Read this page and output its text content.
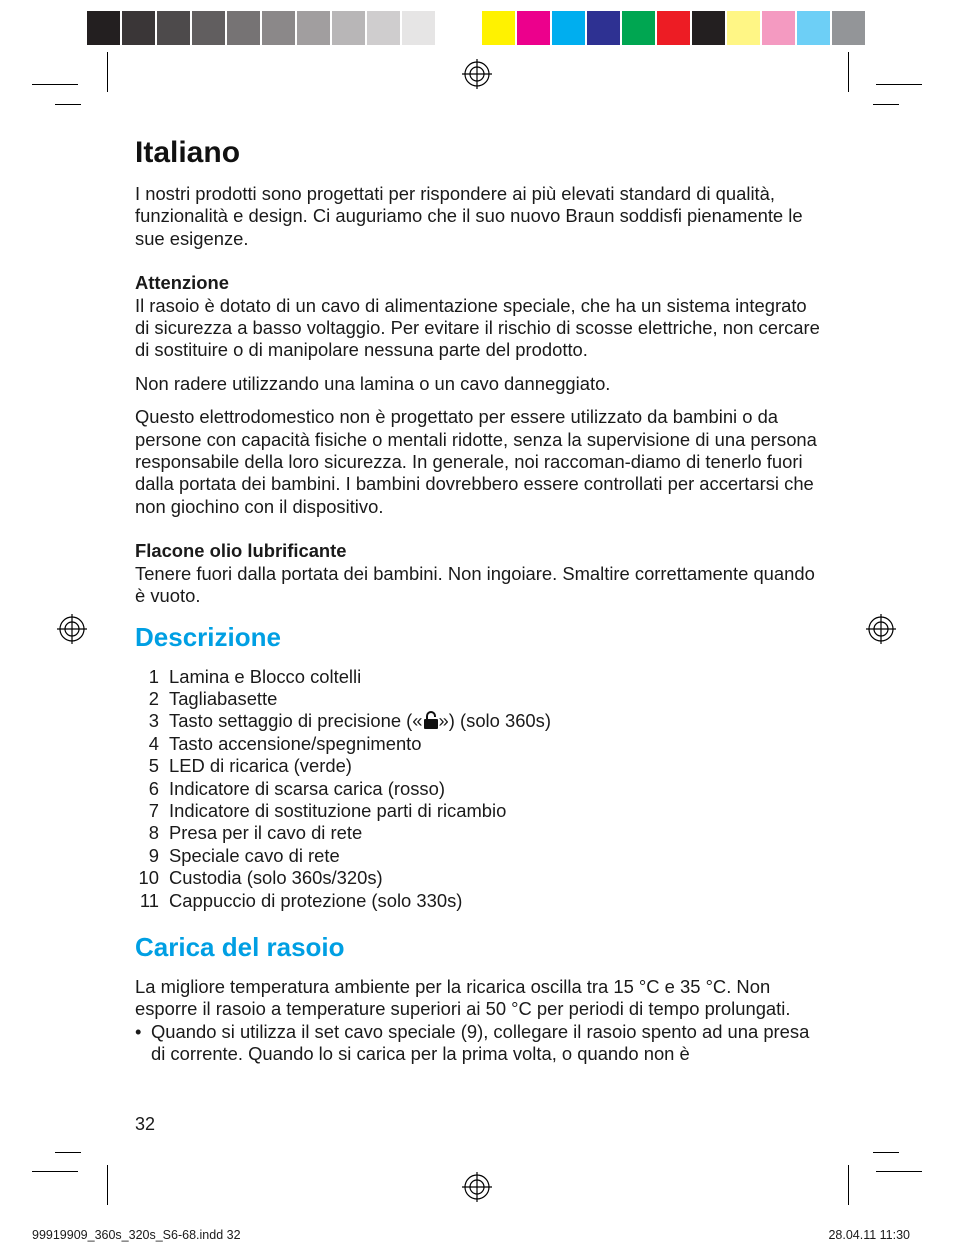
Italiano

I nostri prodotti sono progettati per rispondere ai più elevati standard di qualità, funzionalità e design. Ci auguriamo che il suo nuovo Braun soddisfi pienamente le sue esigenze.

Attenzione
Il rasoio è dotato di un cavo di alimentazione speciale, che ha un sistema integrato di sicurezza a basso voltaggio. Per evitare il rischio di scosse elettriche, non cercare di sostituire o di manipolare nessuna parte del prodotto.

Non radere utilizzando una lamina o un cavo danneggiato.

Questo elettrodomestico non è progettato per essere utilizzato da bambini o da persone con capacità fisiche o mentali ridotte, senza la supervisione di una persona responsabile della loro sicurezza. In generale, noi raccoman-diamo di tenerlo fuori dalla portata dei bambini. I bambini dovrebbero essere controllati per accertarsi che non giochino con il dispositivo.

Flacone olio lubrificante
Tenere fuori dalla portata dei bambini. Non ingoiare. Smaltire correttamente quando è vuoto.

Descrizione
1 Lamina e Blocco coltelli
2 Tagliabasette
3 Tasto settaggio di precisione (« ») (solo 360s)
4 Tasto accensione/spegnimento
5 LED di ricarica (verde)
6 Indicatore di scarsa carica (rosso)
7 Indicatore di sostituzione parti di ricambio
8 Presa per il cavo di rete
9 Speciale cavo di rete
10 Custodia (solo 360s/320s)
11 Cappuccio di protezione (solo 330s)
Carica del rasoio

La migliore temperatura ambiente per la ricarica oscilla tra 15 °C e 35 °C. Non esporre il rasoio a temperature superiori ai 50 °C per periodi di tempo prolungati.

• Quando si utilizza il set cavo speciale (9), collegare il rasoio spento ad una presa di corrente. Quando lo si carica per la prima volta, o quando non è
32
99919909_360s_320s_S6-68.indd 32	28.04.11 11:30
